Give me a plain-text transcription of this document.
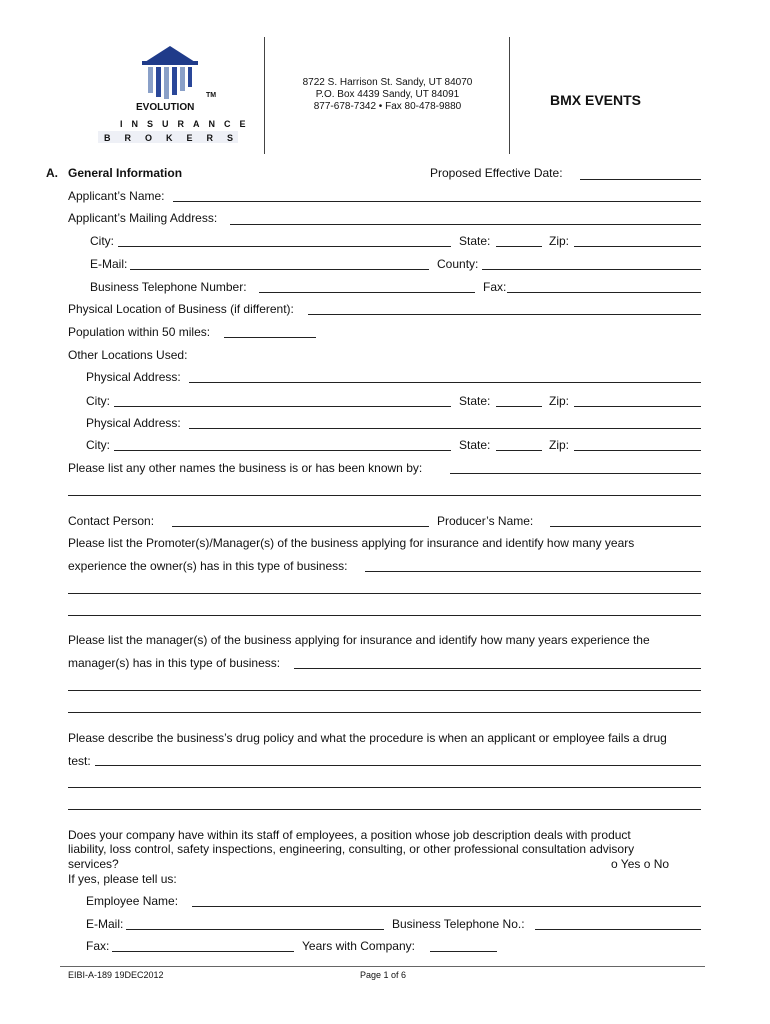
TM
EVOLUTION
INSURANCE
BROKERS
8722 S. Harrison St. Sandy, UT 84070
P.O. Box 4439 Sandy, UT 84091
877-678-7342 • Fax 80-478-9880	BMX EVENTS
A. General Information	Proposed Effective Date:
Applicant’s Name:
Applicant’s Mailing Address:
City:	State:	Zip:
E-Mail:	County:
Business Telephone Number:	Fax:
Physical Location of Business (if different):
Population within 50 miles:
Other Locations Used:
Physical Address:
City:	State:	Zip:
Physical Address:
City:	State:	Zip:
Please list any other names the business is or has been known by:
Contact Person:	Producer’s Name:
Please list the Promoter(s)/Manager(s) of the business applying for insurance and identify how many years
experience the owner(s) has in this type of business:
Please list the manager(s) of the business applying for insurance and identify how many years experience the
manager(s) has in this type of business:
Please describe the business’s drug policy and what the procedure is when an applicant or employee fails a drug
test:
Does your company have within its staff of employees, a position whose job description deals with product
liability, loss control, safety inspections, engineering, consulting, or other professional consultation advisory
services?	o Yes o No
If yes, please tell us:
Employee Name:
E-Mail:	Business Telephone No.:
Fax:	Years with Company:
EIBI-A-189 19DEC2012	Page 1 of 6
